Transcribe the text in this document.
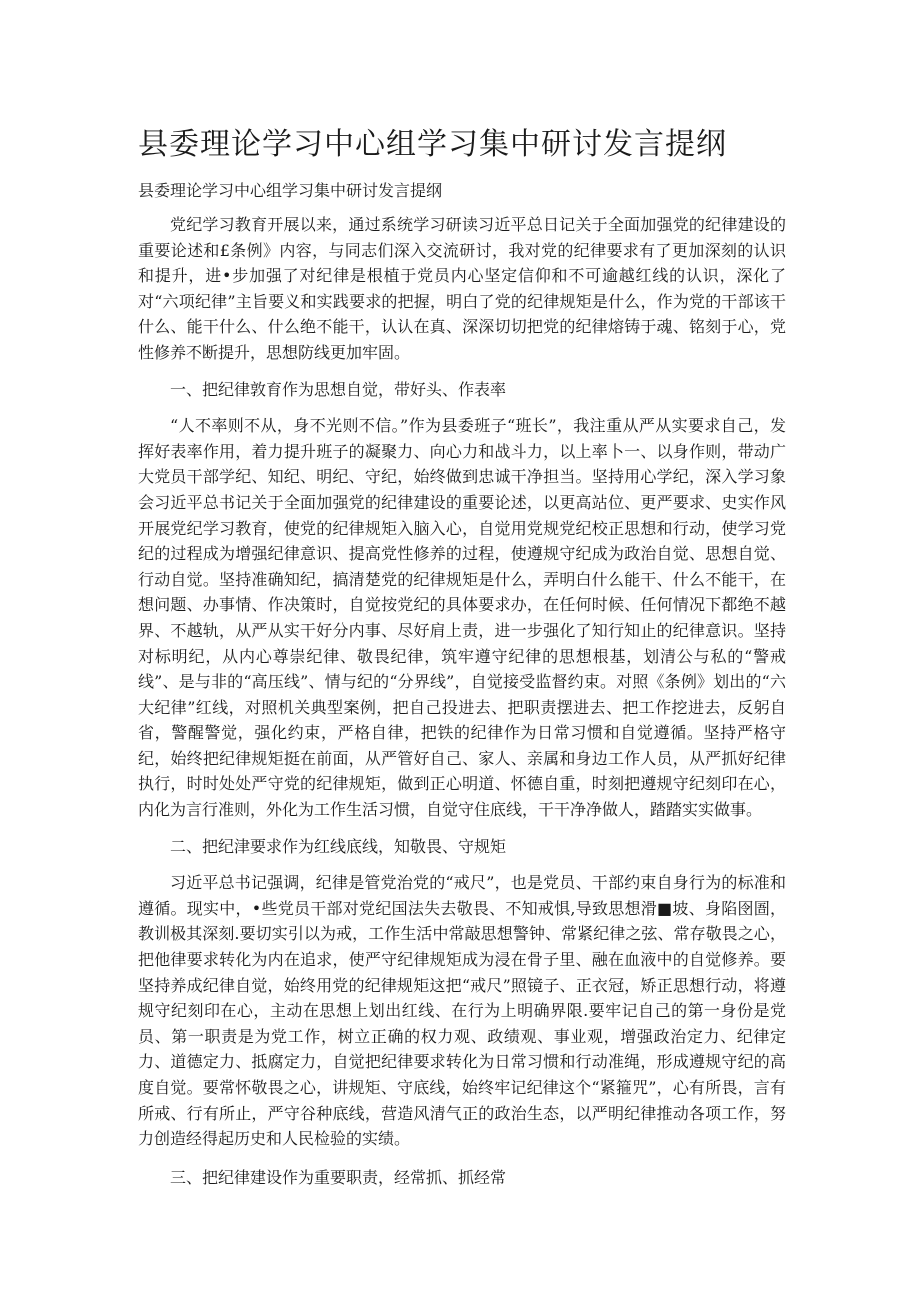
县委理论学习中心组学习集中研讨发言提纲

县委理论学习中心组学习集中研讨发言提纲

党纪学习教育开展以来，通过系统学习研读习近平总日记关于全面加强党的纪律建设的重要论述和£条例》内容，与同志们深入交流研讨，我对党的纪律要求有了更加深刻的认识和提升，进•步加强了对纪律是根植于党员内心坚定信仰和不可逾越红线的认识，深化了对“六项纪律”主旨要义和实践要求的把握，明白了党的纪律规矩是什么，作为党的干部该干什么、能干什么、什么绝不能干，认认在真、深深切切把党的纪律熔铸于魂、铭刻于心，党性修养不断提升，思想防线更加牢固。

一、把纪律敦育作为思想自觉，带好头、作表率

“人不率则不从，身不光则不信。”作为县委班子“班长”，我注重从严从实要求自己，发挥好表率作用，着力提升班子的凝聚力、向心力和战斗力，以上率卜一、以身作则，带动广大党员干部学纪、知纪、明纪、守纪，始终做到忠诚干净担当。坚持用心学纪，深入学习象会习近平总书记关于全面加强党的纪律建设的重要论述，以更高站位、更严要求、史实作风开展党纪学习教育，使党的纪律规矩入脑入心，自觉用党规党纪校正思想和行动，使学习党纪的过程成为增强纪律意识、提高党性修养的过程，使遵规守纪成为政治自觉、思想自觉、行动自觉。坚持准确知纪，搞清楚党的纪律规矩是什么，弄明白什么能干、什么不能干，在想问题、办事情、作决策时，自觉按党纪的具体要求办，在任何时候、任何情况下都绝不越界、不越轨，从严从实干好分内事、尽好肩上责，进一步强化了知行知止的纪律意识。坚持对标明纪，从内心尊崇纪律、敬畏纪律，筑牢遵守纪律的思想根基，划清公与私的“警戒线”、是与非的“高压线”、情与纪的“分界线”，自觉接受监督约束。对照《条例》划出的“六大纪律”红线，对照机关典型案例，把自己投进去、把职责摆进去、把工作挖进去，反躬自省，警醒警觉，强化约束，严格自律，把铁的纪律作为日常习惯和自觉遵循。坚持严格守纪，始终把纪律规矩挺在前面，从严管好自己、家人、亲属和身边工作人员，从严抓好纪律执行，时时处处严守党的纪律规矩，做到正心明道、怀德自重，时刻把遵规守纪刻印在心，内化为言行准则，外化为工作生活习惯，自觉守住底线，干干净净做人，踏踏实实做事。

二、把纪津要求作为红线底线，知敬畏、守规矩

习近平总书记强调，纪律是管党治党的“戒尺”，也是党员、干部约束自身行为的标准和遵循。现实中，•些党员干部对党纪国法失去敬畏、不知戒惧,导致思想滑■坡、身陷囹圄，教训极其深刻.要切实引以为戒，工作生活中常敲思想警钟、常紧纪律之弦、常存敬畏之心，把他律要求转化为内在追求，使严守纪律规矩成为浸在骨子里、融在血液中的自觉修养。要坚持养成纪律自觉，始终用党的纪律规矩这把“戒尺”照镜子、正衣冠，矫正思想行动，将遵规守纪刻印在心，主动在思想上划出红线、在行为上明确界限.要牢记自己的第一身份是党员、第一职责是为党工作，树立正确的权力观、政绩观、事业观，增强政治定力、纪律定力、道德定力、抵腐定力，自觉把纪律要求转化为日常习惯和行动准绳，形成遵规守纪的高度自觉。要常怀敬畏之心，讲规矩、守底线，始终牢记纪律这个“紧箍咒”，心有所畏，言有所戒、行有所止，严守谷种底线，营造风清气正的政治生态，以严明纪律推动各项工作，努力创造经得起历史和人民检验的实绩。

三、把纪律建设作为重要职责，经常抓、抓经常
